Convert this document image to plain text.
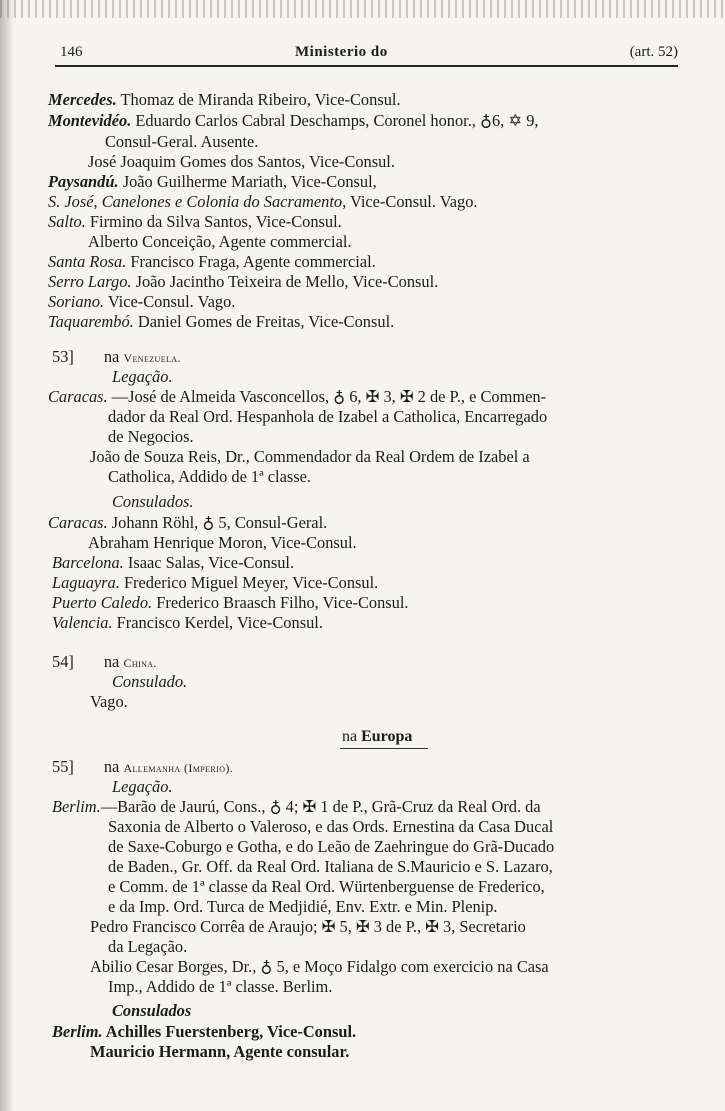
146	Ministerio do	(art. 52)
Mercedes. Thomaz de Miranda Ribeiro, Vice-Consul.
Montevidéo. Eduardo Carlos Cabral Deschamps, Coronel honor., ♁6, ✡ 9,
Consul-Geral. Ausente.
José Joaquim Gomes dos Santos, Vice-Consul.
Paysandú. João Guilherme Mariath, Vice-Consul,
S. José, Canelones e Colonia do Sacramento, Vice-Consul. Vago.
Salto. Firmino da Silva Santos, Vice-Consul.
Alberto Conceição, Agente commercial.
Santa Rosa. Francisco Fraga, Agente commercial.
Serro Largo. João Jacintho Teixeira de Mello, Vice-Consul.
Soriano. Vice-Consul. Vago.
Taquarembó. Daniel Gomes de Freitas, Vice-Consul.
53] na Venezuela.
Legação.
Caracas. —José de Almeida Vasconcellos, ♁ 6, ✠ 3, ✠ 2 de P., e Commen-
dador da Real Ord. Hespanhola de Izabel a Catholica, Encarregado
de Negocios.
João de Souza Reis, Dr., Commendador da Real Ordem de Izabel a
Catholica, Addido de 1ª classe.
Consulados.
Caracas. Johann Röhl, ♁ 5, Consul-Geral.
Abraham Henrique Moron, Vice-Consul.
Barcelona. Isaac Salas, Vice-Consul.
Laguayra. Frederico Miguel Meyer, Vice-Consul.
Puerto Caledo. Frederico Braasch Filho, Vice-Consul.
Valencia. Francisco Kerdel, Vice-Consul.
54] na China.
Consulado.
Vago.
na Europa
55] na Allemanha (Imperio).
Legação.
Berlim.—Barão de Jaurú, Cons., ♁ 4; ✠ 1 de P., Grã-Cruz da Real Ord. da
Saxonia de Alberto o Valeroso, e das Ords. Ernestina da Casa Ducal
de Saxe-Coburgo e Gotha, e do Leão de Zaehringue do Grã-Ducado
de Baden., Gr. Off. da Real Ord. Italiana de S.Mauricio e S. Lazaro,
e Comm. de 1ª classe da Real Ord. Würtenberguense de Frederico,
e da Imp. Ord. Turca de Medjidié, Env. Extr. e Min. Plenip.
Pedro Francisco Corrêa de Araujo; ✠ 5, ✠ 3 de P., ✠ 3, Secretario
da Legação.
Abilio Cesar Borges, Dr., ♁ 5, e Moço Fidalgo com exercicio na Casa
Imp., Addido de 1ª classe. Berlim.
Consulados
Berlim. Achilles Fuerstenberg, Vice-Consul.
Mauricio Hermann, Agente consular.
